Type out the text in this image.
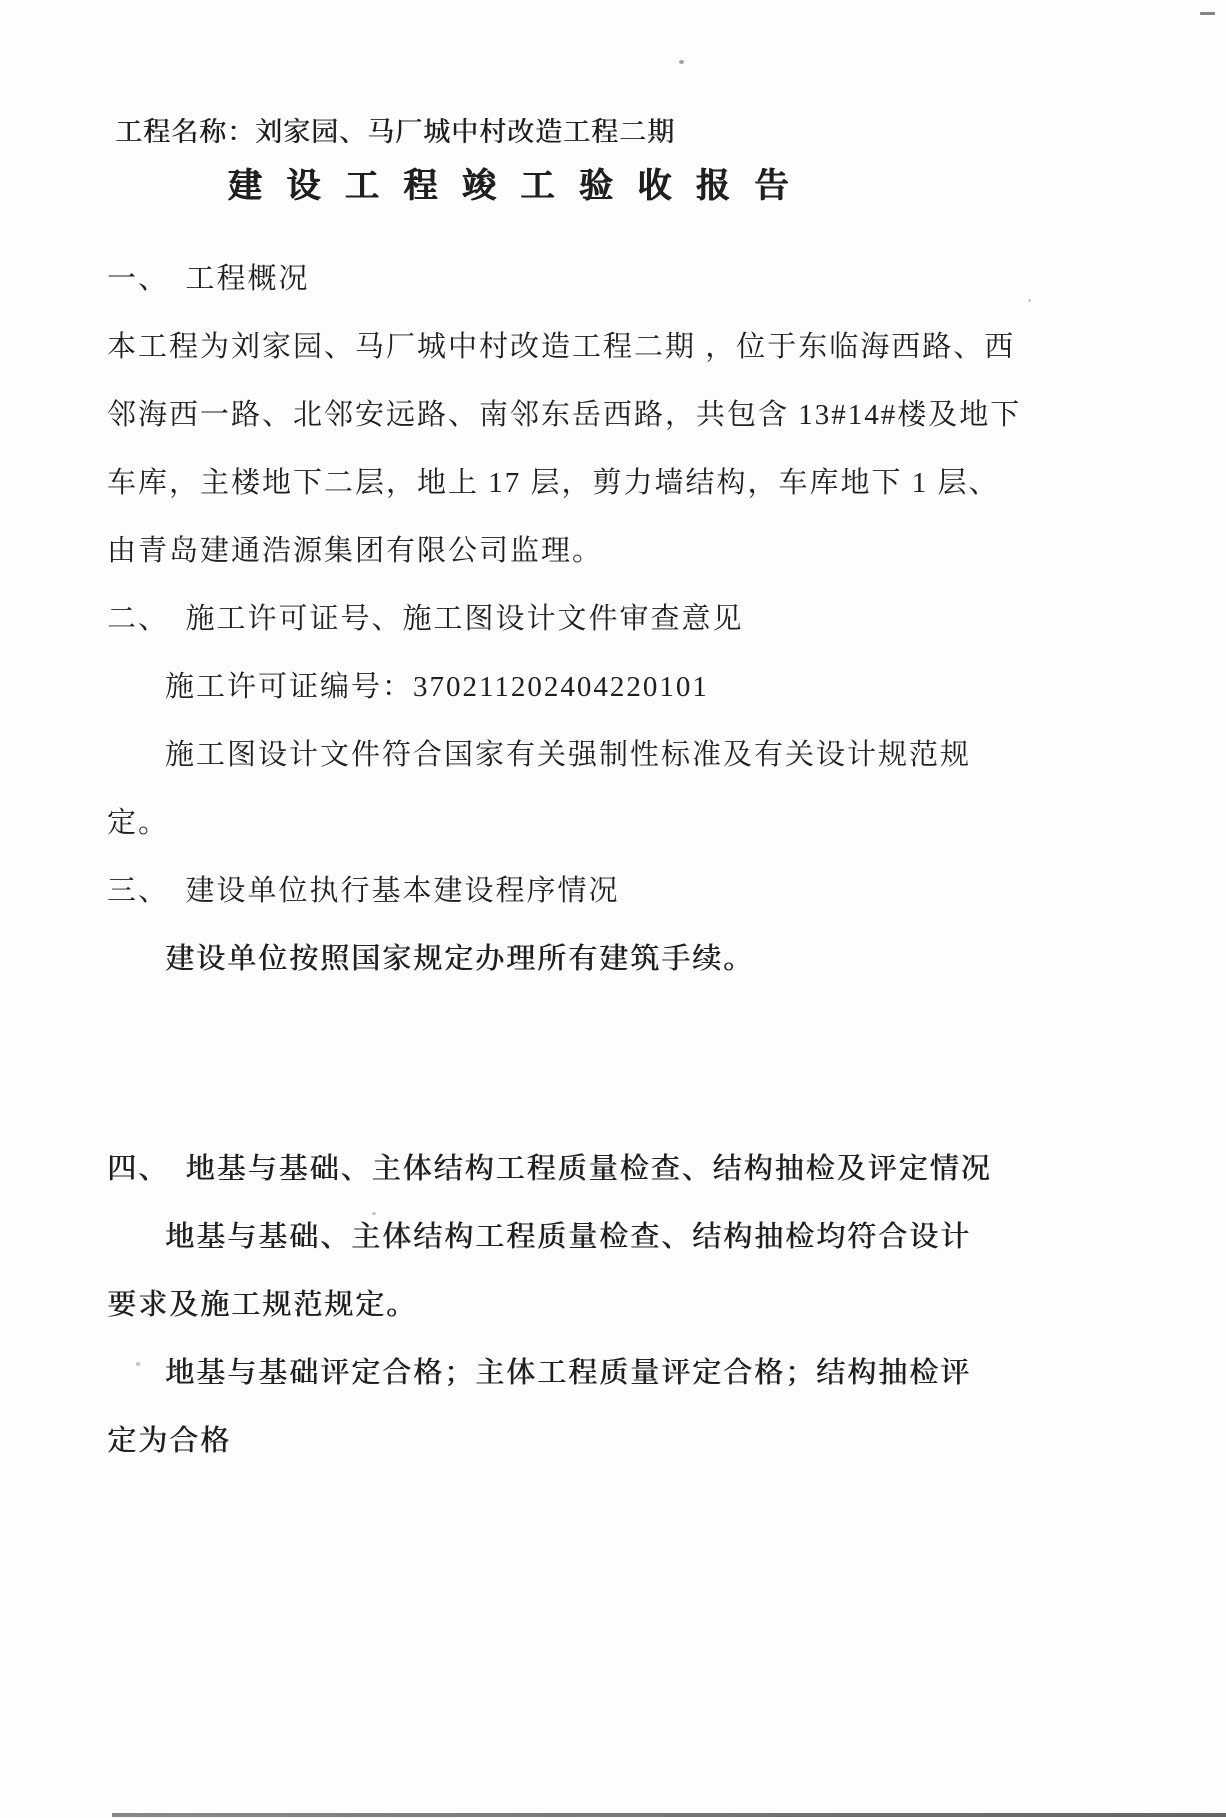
工程名称：刘家园、马厂城中村改造工程二期
建 设 工 程 竣 工 验 收 报 告
一、　工程概况
本工程为刘家园、马厂城中村改造工程二期 ，位于东临海西路、西
邻海西一路、北邻安远路、南邻东岳西路，共包含 13#14#楼及地下
车库，主楼地下二层，地上 17 层，剪力墙结构，车库地下 1 层、
由青岛建通浩源集团有限公司监理。
二、　施工许可证号、施工图设计文件审查意见
施工许可证编号：370211202404220101
施工图设计文件符合国家有关强制性标准及有关设计规范规
定。
三、　建设单位执行基本建设程序情况
建设单位按照国家规定办理所有建筑手续。
四、　地基与基础、主体结构工程质量检查、结构抽检及评定情况
地基与基础、主体结构工程质量检查、结构抽检均符合设计
要求及施工规范规定。
地基与基础评定合格；主体工程质量评定合格；结构抽检评
定为合格
